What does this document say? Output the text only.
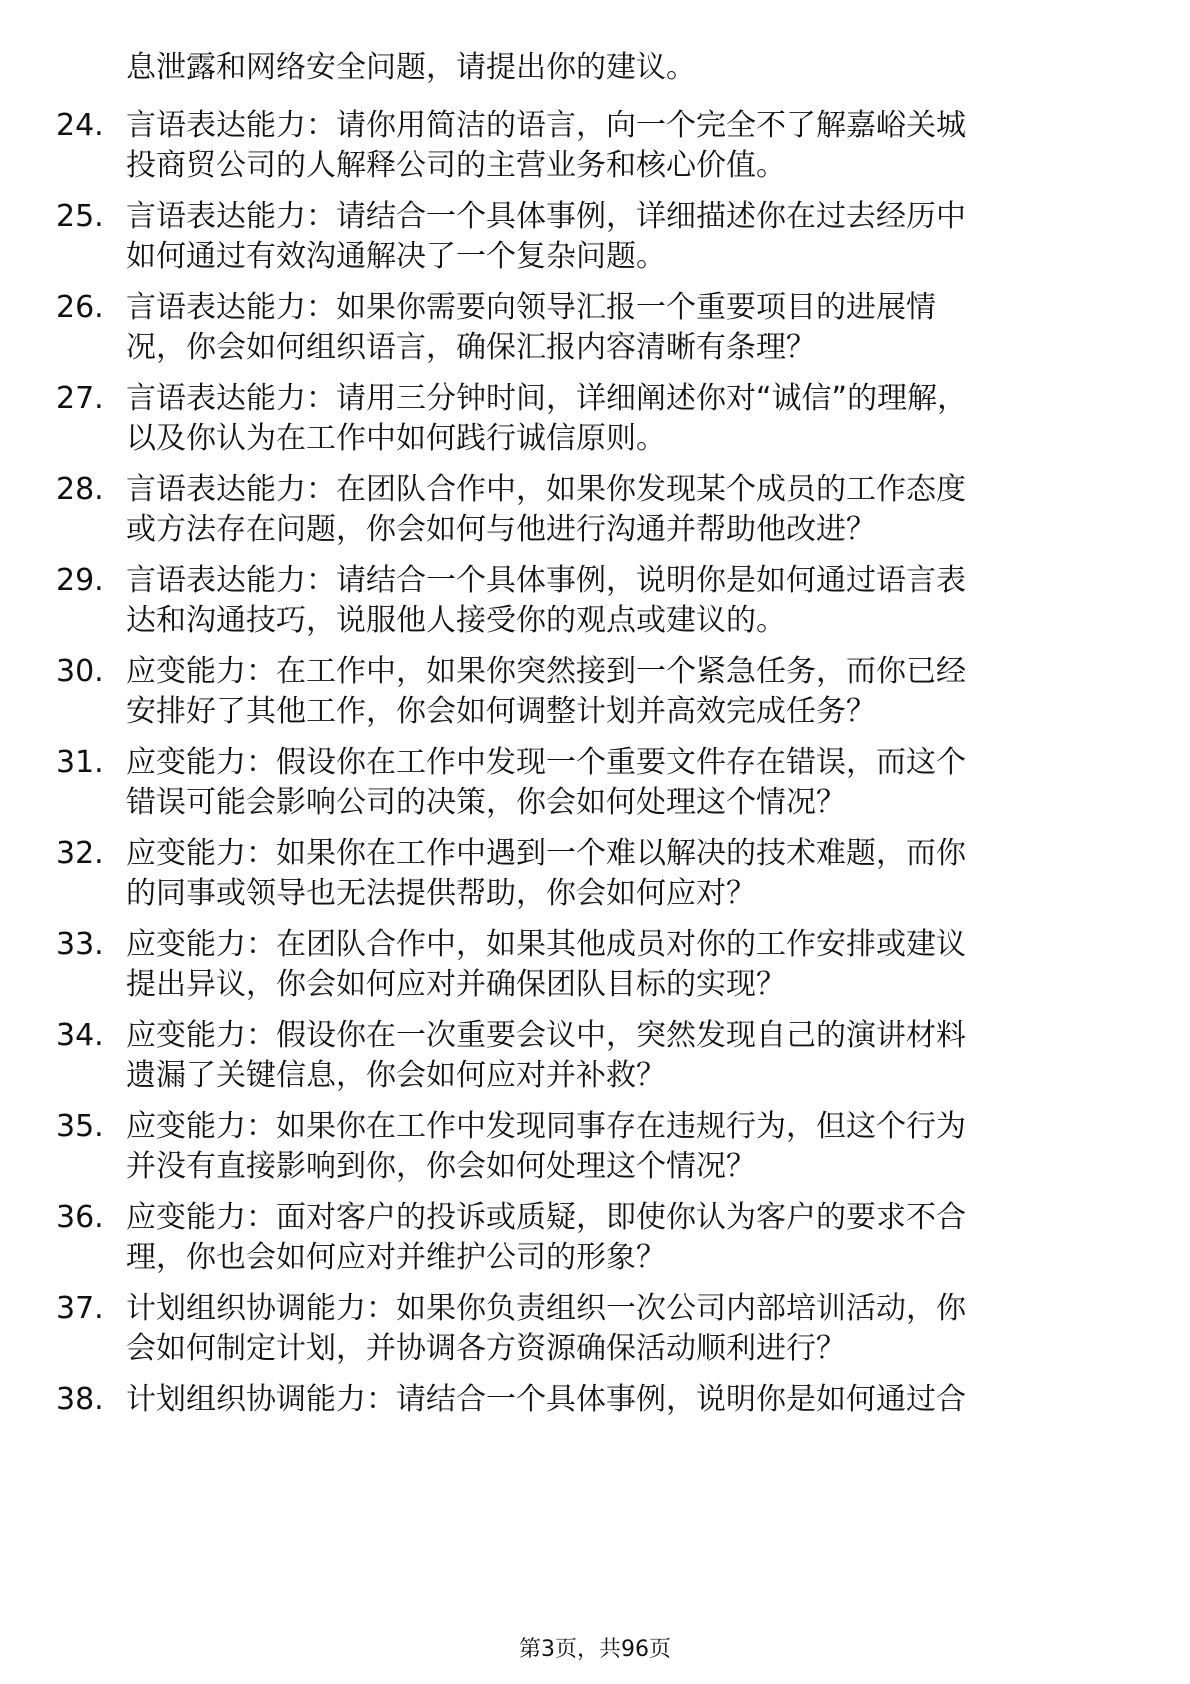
息泄露和网络安全问题，请提出你的建议。
24. 言语表达能力：请你用简洁的语言，向一个完全不了解嘉峪关城
投商贸公司的人解释公司的主营业务和核心价值。
25. 言语表达能力：请结合一个具体事例，详细描述你在过去经历中
如何通过有效沟通解决了一个复杂问题。
26. 言语表达能力：如果你需要向领导汇报一个重要项目的进展情
况，你会如何组织语言，确保汇报内容清晰有条理？
27. 言语表达能力：请用三分钟时间，详细阐述你对“诚信”的理解，
以及你认为在工作中如何践行诚信原则。
28. 言语表达能力：在团队合作中，如果你发现某个成员的工作态度
或方法存在问题，你会如何与他进行沟通并帮助他改进？
29. 言语表达能力：请结合一个具体事例，说明你是如何通过语言表
达和沟通技巧，说服他人接受你的观点或建议的。
30. 应变能力：在工作中，如果你突然接到一个紧急任务，而你已经
安排好了其他工作，你会如何调整计划并高效完成任务？
31. 应变能力：假设你在工作中发现一个重要文件存在错误，而这个
错误可能会影响公司的决策，你会如何处理这个情况？
32. 应变能力：如果你在工作中遇到一个难以解决的技术难题，而你
的同事或领导也无法提供帮助，你会如何应对？
33. 应变能力：在团队合作中，如果其他成员对你的工作安排或建议
提出异议，你会如何应对并确保团队目标的实现？
34. 应变能力：假设你在一次重要会议中，突然发现自己的演讲材料
遗漏了关键信息，你会如何应对并补救？
35. 应变能力：如果你在工作中发现同事存在违规行为，但这个行为
并没有直接影响到你，你会如何处理这个情况？
36. 应变能力：面对客户的投诉或质疑，即使你认为客户的要求不合
理，你也会如何应对并维护公司的形象？
37. 计划组织协调能力：如果你负责组织一次公司内部培训活动，你
会如何制定计划，并协调各方资源确保活动顺利进行？
38. 计划组织协调能力：请结合一个具体事例，说明你是如何通过合
第3页，共96页
